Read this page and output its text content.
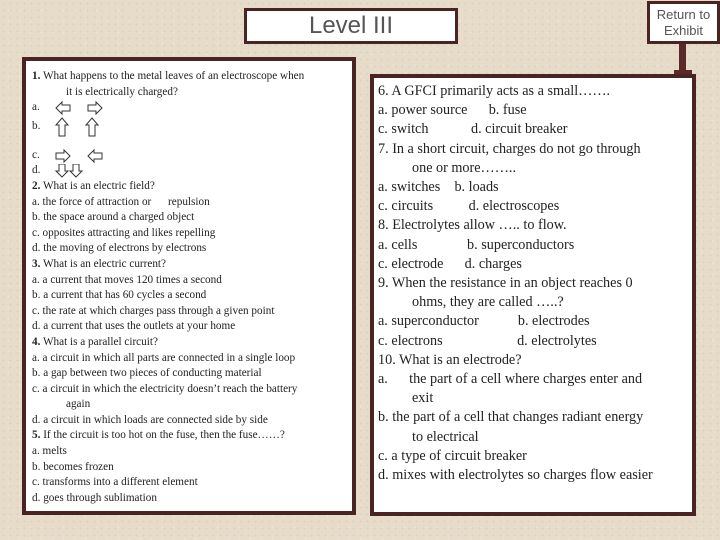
Level III	Return to
Exhibit
1. What happens to the metal leaves of an electroscope when
it is electrically charged?
a.
b.
c.
d.
2. What is an electric field?
a. the force of attraction or      repulsion
b. the space around a charged object
c. opposites attracting and likes repelling
d. the moving of electrons by electrons
3. What is an electric current?
a. a current that moves 120 times a second
b. a current that has 60 cycles a second
c. the rate at which charges pass through a given point
d. a current that uses the outlets at your home
4. What is a parallel circuit?
a. a circuit in which all parts are connected in a single loop
b. a gap between two pieces of conducting material
c. a circuit in which the electricity doesn’t reach the battery
again
d. a circuit in which loads are connected side by side
5. If the circuit is too hot on the fuse, then the fuse……?
a. melts
b. becomes frozen
c. transforms into a different element
d. goes through sublimation
6. A GFCI primarily acts as a small…….
a. power source      b. fuse
c. switch            d. circuit breaker
7. In a short circuit, charges do not go through
one or more……..
a. switches    b. loads
c. circuits          d. electroscopes
8. Electrolytes allow ….. to flow.
a. cells              b. superconductors
c. electrode      d. charges
9. When the resistance in an object reaches 0
ohms, they are called …..?
a. superconductor           b. electrodes
c. electrons                     d. electrolytes
10. What is an electrode?
a.      the part of a cell where charges enter and
exit
b. the part of a cell that changes radiant energy
to electrical
c. a type of circuit breaker
d. mixes with electrolytes so charges flow easier
